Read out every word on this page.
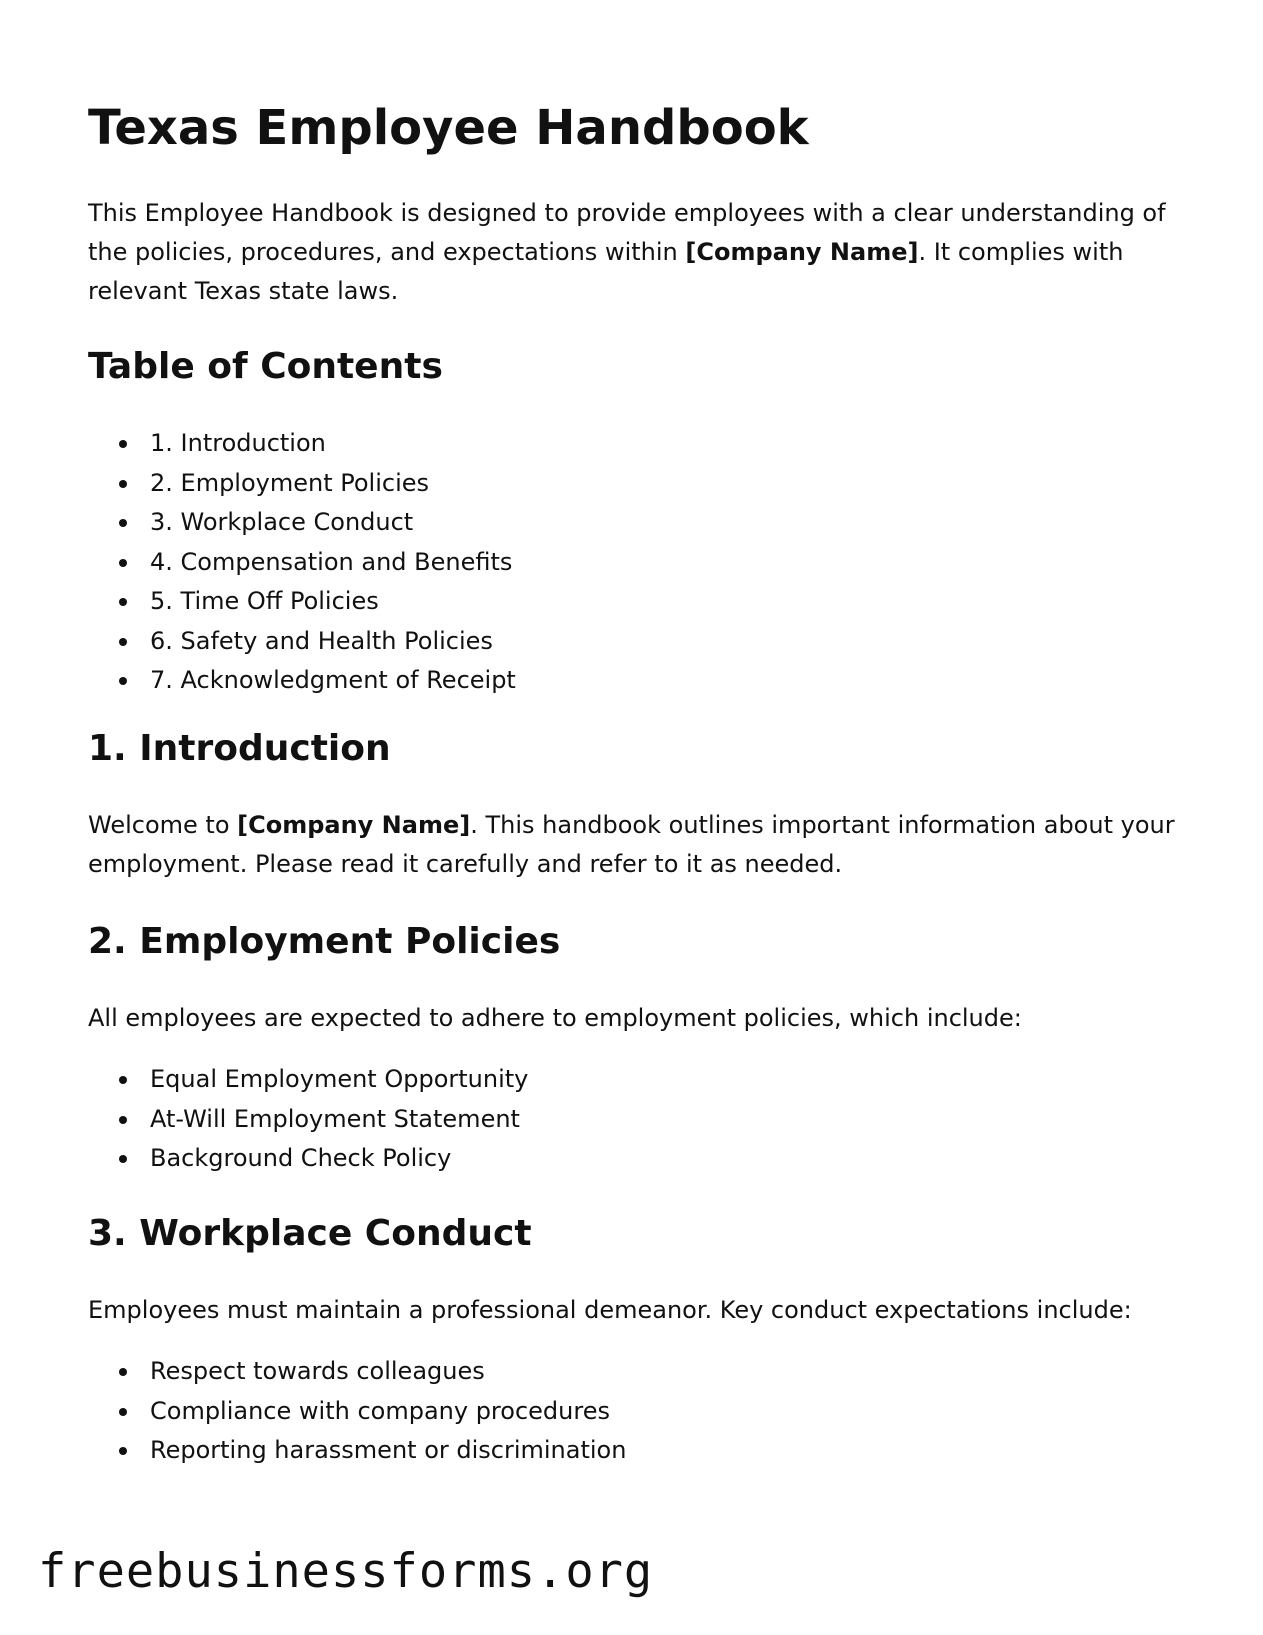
Texas Employee Handbook

This Employee Handbook is designed to provide employees with a clear understanding of the policies, procedures, and expectations within [Company Name]. It complies with relevant Texas state laws.

Table of Contents
1. Introduction
2. Employment Policies
3. Workplace Conduct
4. Compensation and Benefits
5. Time Off Policies
6. Safety and Health Policies
7. Acknowledgment of Receipt
1. Introduction

Welcome to [Company Name]. This handbook outlines important information about your employment. Please read it carefully and refer to it as needed.

2. Employment Policies

All employees are expected to adhere to employment policies, which include:

Equal Employment Opportunity
At-Will Employment Statement
Background Check Policy
3. Workplace Conduct

Employees must maintain a professional demeanor. Key conduct expectations include:

Respect towards colleagues
Compliance with company procedures
Reporting harassment or discrimination
freebusinessforms.org
